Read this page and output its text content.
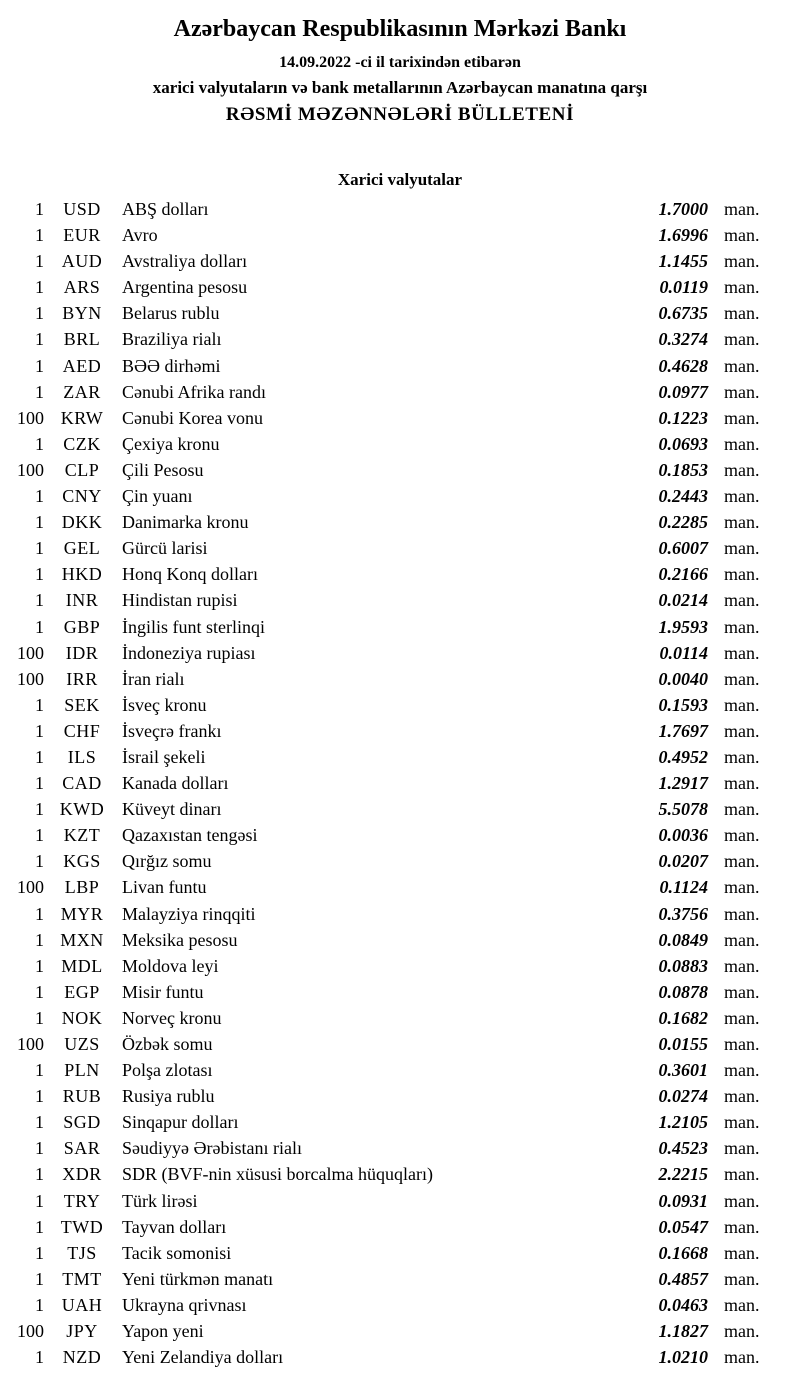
Azərbaycan Respublikasının Mərkəzi Bankı
14.09.2022 -ci il tarixindən etibarən
xarici valyutaların və bank metallarının Azərbaycan manatına qarşı
RƏSMİ MƏZƏNNƏLƏRİ BÜLLETENİ
Xarici valyutalar
1	USD	ABŞ dolları	1.7000 man.
1	EUR	Avro	1.6996 man.
1 AUD	Avstraliya dolları	1.1455 man.
1	ARS	Argentina pesosu	0.0119 man.
1	BYN	Belarus rublu	0.6735 man.
1	BRL	Braziliya rialı	0.3274 man.
1	AED	BƏƏ dirhəmi	0.4628 man.
1	ZAR	Cənubi Afrika randı	0.0977 man.
100 KRW Cənubi Korea vonu	0.1223 man.
1	CZK	Çexiya kronu	0.0693 man.
100	CLP	Çili Pesosu	0.1853 man.
1	CNY	Çin yuanı	0.2443 man.
1 DKK	Danimarka kronu	0.2285 man.
1	GEL	Gürcü larisi	0.6007 man.
1 HKD	Honq Konq dolları	0.2166 man.
1	INR	Hindistan rupisi	0.0214 man.
1	GBP	İngilis funt sterlinqi	1.9593 man.
100	IDR	İndoneziya rupiası	0.0114 man.
100	IRR	İran rialı	0.0040 man.
1	SEK	İsveç kronu	0.1593 man.
1	CHF	İsveçrə frankı	1.7697 man.
1	ILS	İsrail şekeli	0.4952 man.
1	CAD	Kanada dolları	1.2917 man.
1 KWD Küveyt dinarı	5.5078 man.
1	KZT	Qazaxıstan tengəsi	0.0036 man.
1	KGS	Qırğız somu	0.0207 man.
100	LBP	Livan funtu	0.1124 man.
1 MYR Malayziya rinqqiti	0.3756 man.
1 MXN Meksika pesosu	0.0849 man.
1 MDL Moldova leyi	0.0883 man.
1	EGP	Misir funtu	0.0878 man.
1 NOK	Norveç kronu	0.1682 man.
100	UZS	Özbək somu	0.0155 man.
1	PLN	Polşa zlotası	0.3601 man.
1	RUB	Rusiya rublu	0.0274 man.
1	SGD	Sinqapur dolları	1.2105 man.
1	SAR	Səudiyyə Ərəbistanı rialı	0.4523 man.
1	XDR	SDR (BVF-nin xüsusi borcalma hüquqları)	2.2215 man.
1	TRY	Türk lirəsi	0.0931 man.
1 TWD Tayvan dolları	0.0547 man.
1	TJS	Tacik somonisi	0.1668 man.
1	TMT	Yeni türkmən manatı	0.4857 man.
1 UAH	Ukrayna qrivnası	0.0463 man.
100	JPY	Yapon yeni	1.1827 man.
1	NZD	Yeni Zelandiya dolları	1.0210 man.
